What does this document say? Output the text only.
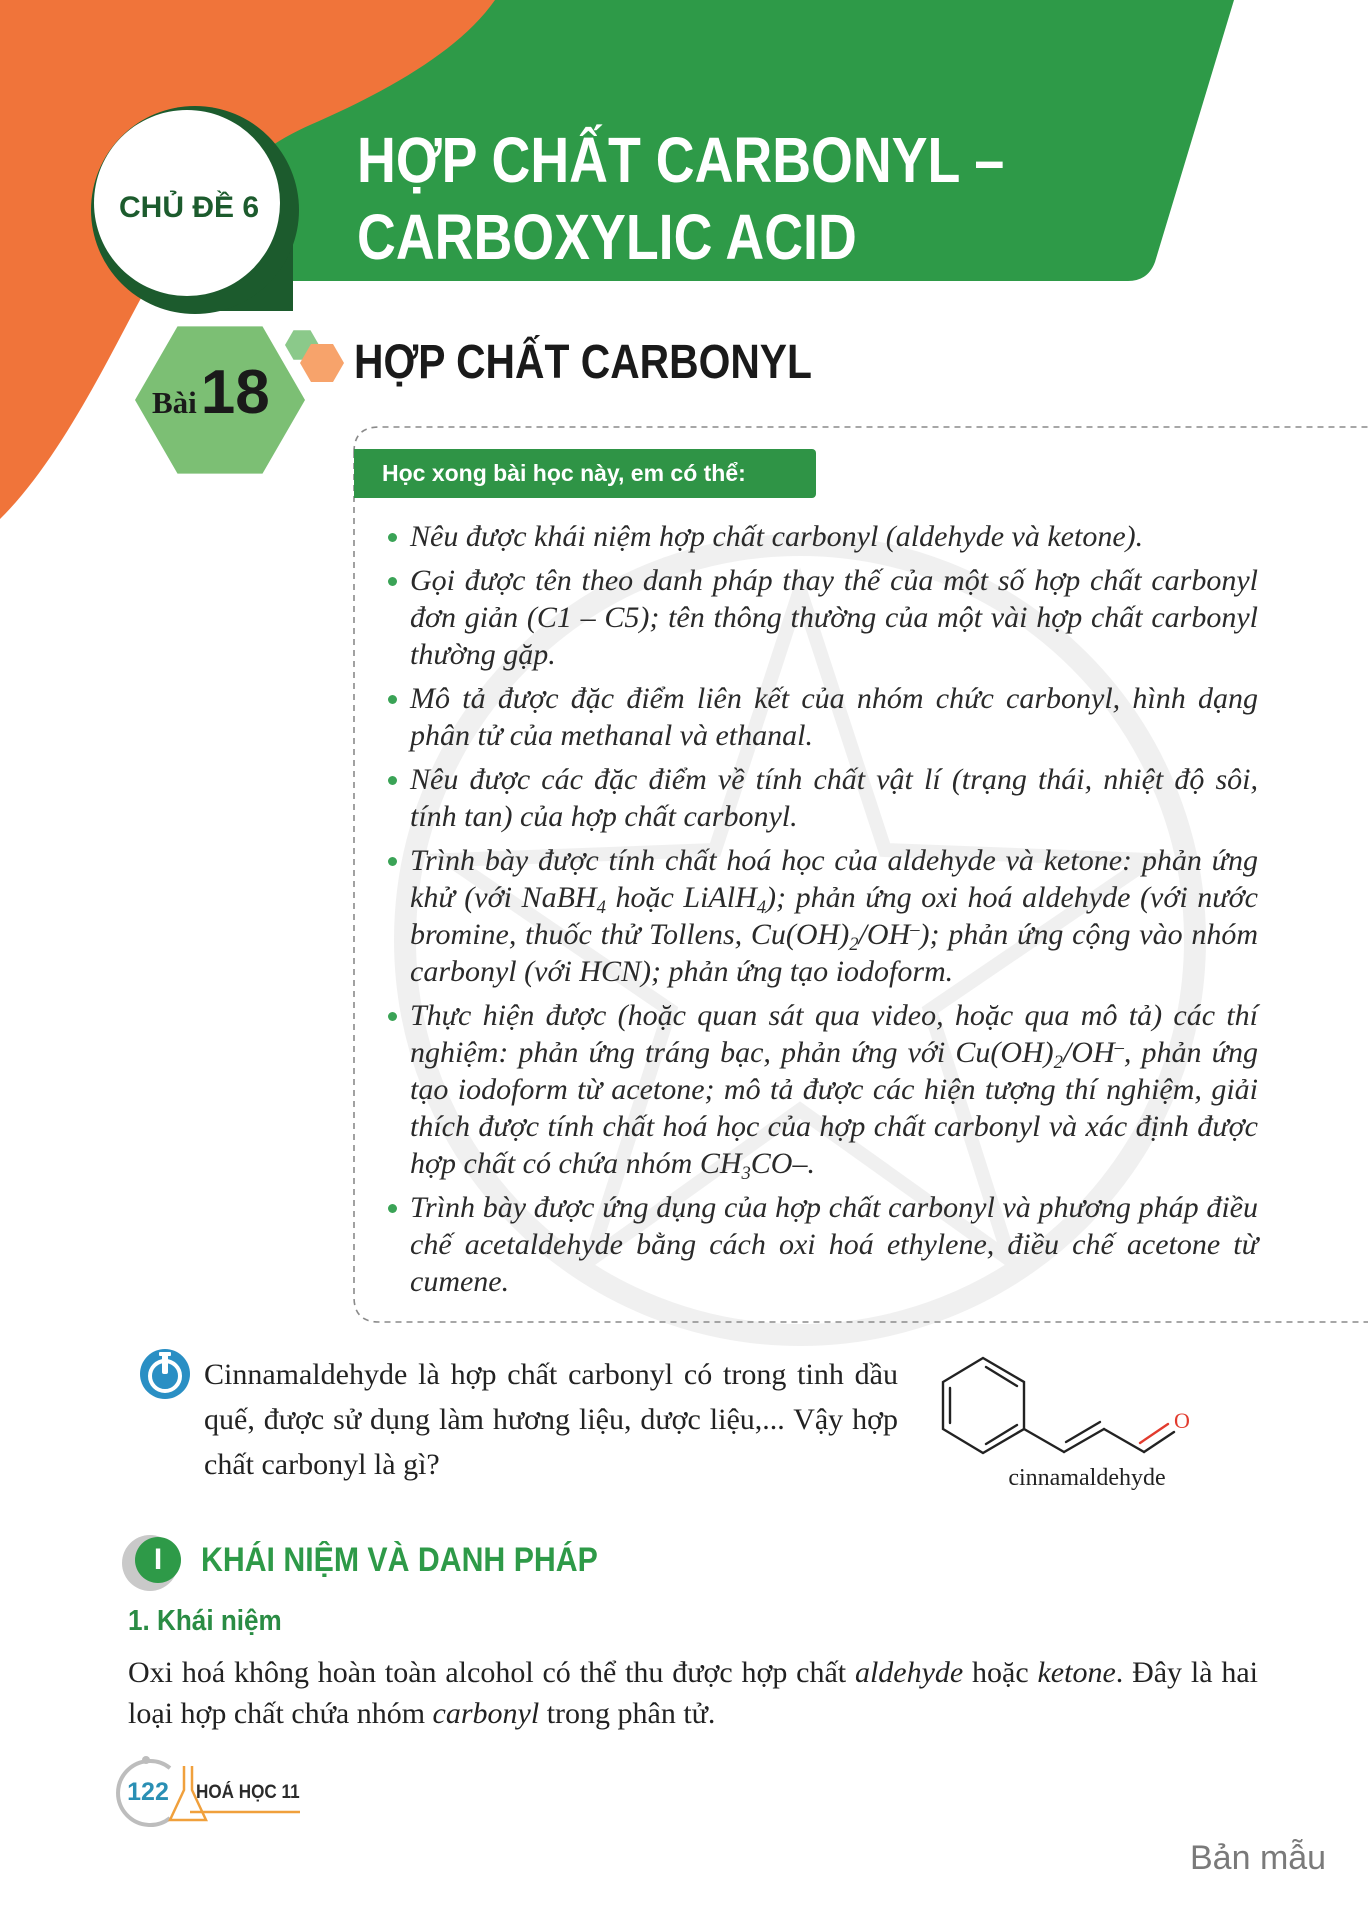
O
CHỦ ĐỀ 6
HỢP CHẤT CARBONYL –
CARBOXYLIC ACID
Bài 18 HỢP CHẤT CARBONYL
Học xong bài học này, em có thể:
Nêu được khái niệm hợp chất carbonyl (aldehyde và ketone).
Gọi được tên theo danh pháp thay thế của một số hợp chất carbonyl đơn giản (C1 – C5); tên thông thường của một vài hợp chất carbonyl thường gặp.
Mô tả được đặc điểm liên kết của nhóm chức carbonyl, hình dạng phân tử của methanal và ethanal.
Nêu được các đặc điểm về tính chất vật lí (trạng thái, nhiệt độ sôi, tính tan) của hợp chất carbonyl.
Trình bày được tính chất hoá học của aldehyde và ketone: phản ứng khử (với NaBH$_4$ hoặc LiAlH$_4$); phản ứng oxi hoá aldehyde (với nước bromine, thuốc thử Tollens, $Cu(OH)_2/OH^-$); phản ứng cộng vào nhóm carbonyl (với HCN); phản ứng tạo iodoform.
Thực hiện được (hoặc quan sát qua video, hoặc qua mô tả) các thí nghiệm: phản ứng tráng bạc, phản ứng với $Cu(OH)_2/OH^-$, phản ứng tạo iodoform từ acetone; mô tả được các hiện tượng thí nghiệm, giải thích được tính chất hoá học của hợp chất carbonyl và xác định được hợp chất có chứa nhóm $CH_3CO-$.
Trình bày được ứng dụng của hợp chất carbonyl và phương pháp điều chế acetaldehyde bằng cách oxi hoá ethylene, điều chế acetone từ cumene.
Cinnamaldehyde là hợp chất carbonyl có trong tinh dầu quế, được sử dụng làm hương liệu, dược liệu,... Vậy hợp chất carbonyl là gì?	cinnamaldehyde
I	KHÁI NIỆM VÀ DANH PHÁP
1. Khái niệm
Oxi hoá không hoàn toàn alcohol có thể thu được hợp chất aldehyde hoặc ketone. Đây là hai loại hợp chất chứa nhóm carbonyl trong phân tử.
122	HOÁ HỌC 11
Bản mẫu
